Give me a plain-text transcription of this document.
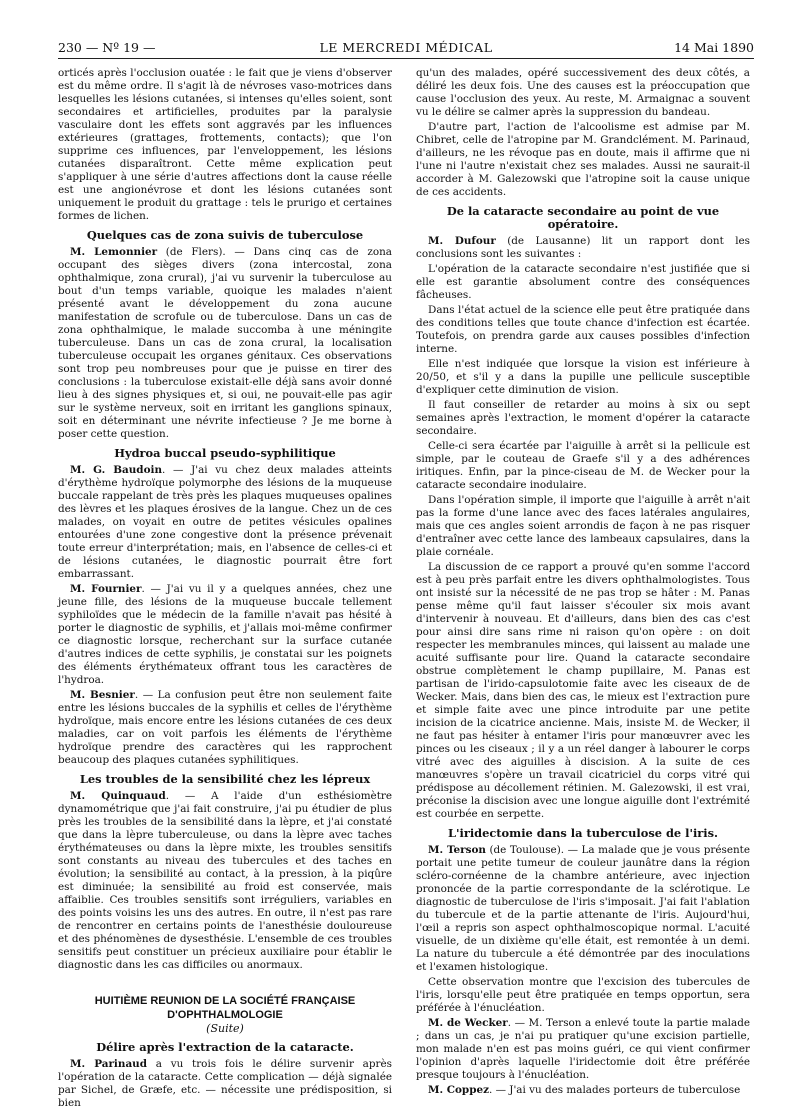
230 — Nº 19 —	LE MERCREDI MÉDICAL	14 Mai 1890

orticés après l'occlusion ouatée : le fait que je viens d'observer est du même ordre. Il s'agit là de névroses vaso-motrices dans lesquelles les lésions cutanées, si intenses qu'elles soient, sont secondaires et artificielles, produites par la paralysie vasculaire dont les effets sont aggravés par les influences extérieures (grattages, frottements, contacts); que l'on supprime ces influences, par l'enveloppement, les lésions cutanées disparaîtront. Cette même explication peut s'appliquer à une série d'autres affections dont la cause réelle est une angionévrose et dont les lésions cutanées sont uniquement le produit du grattage : tels le prurigo et certaines formes de lichen.

Quelques cas de zona suivis de tuberculose

M. Lemonnier (de Flers). — Dans cinq cas de zona occupant des sièges divers (zona intercostal, zona ophthalmique, zona crural), j'ai vu survenir la tuberculose au bout d'un temps variable, quoique les malades n'aient présenté avant le développement du zona aucune manifestation de scrofule ou de tuberculose. Dans un cas de zona ophthalmique, le malade succomba à une méningite tuberculeuse. Dans un cas de zona crural, la localisation tuberculeuse occupait les organes génitaux. Ces observations sont trop peu nombreuses pour que je puisse en tirer des conclusions : la tuberculose existait-elle déjà sans avoir donné lieu à des signes physiques et, si oui, ne pouvait-elle pas agir sur le système nerveux, soit en irritant les ganglions spinaux, soit en déterminant une névrite infectieuse ? Je me borne à poser cette question.

Hydroa buccal pseudo-syphilitique

M. G. Baudoin. — J'ai vu chez deux malades atteints d'érythème hydroïque polymorphe des lésions de la muqueuse buccale rappelant de très près les plaques muqueuses opalines des lèvres et les plaques érosives de la langue. Chez un de ces malades, on voyait en outre de petites vésicules opalines entourées d'une zone congestive dont la présence prévenait toute erreur d'interprétation; mais, en l'absence de celles-ci et de lésions cutanées, le diagnostic pourrait être fort embarrassant.

M. Fournier. — J'ai vu il y a quelques années, chez une jeune fille, des lésions de la muqueuse buccale tellement syphiloïdes que le médecin de la famille n'avait pas hésité à porter le diagnostic de syphilis, et j'allais moi-même confirmer ce diagnostic lorsque, recherchant sur la surface cutanée d'autres indices de cette syphilis, je constatai sur les poignets des éléments érythémateux offrant tous les caractères de l'hydroa.

M. Besnier. — La confusion peut être non seulement faite entre les lésions buccales de la syphilis et celles de l'érythème hydroïque, mais encore entre les lésions cutanées de ces deux maladies, car on voit parfois les éléments de l'érythème hydroïque prendre des caractères qui les rapprochent beaucoup des plaques cutanées syphilitiques.

Les troubles de la sensibilité chez les lépreux

M. Quinquaud. — A l'aide d'un esthésiomètre dynamométrique que j'ai fait construire, j'ai pu étudier de plus près les troubles de la sensibilité dans la lèpre, et j'ai constaté que dans la lèpre tuberculeuse, ou dans la lèpre avec taches érythémateuses ou dans la lèpre mixte, les troubles sensitifs sont constants au niveau des tubercules et des taches en évolution; la sensibilité au contact, à la pression, à la piqûre est diminuée; la sensibilité au froid est conservée, mais affaiblie. Ces troubles sensitifs sont irréguliers, variables en des points voisins les uns des autres. En outre, il n'est pas rare de rencontrer en certains points de l'anesthésie douloureuse et des phénomènes de dysesthésie. L'ensemble de ces troubles sensitifs peut constituer un précieux auxiliaire pour établir le diagnostic dans les cas difficiles ou anormaux.

HUITIÈME REUNION DE LA SOCIÉTÉ FRANÇAISE D'OPHTHALMOLOGIE
(Suite)
Délire après l'extraction de la cataracte.

M. Parinaud a vu trois fois le délire survenir après l'opération de la cataracte. Cette complication — déjà signalée par Sichel, de Græfe, etc. — nécessite une prédisposition, si bien

qu'un des malades, opéré successivement des deux côtés, a déliré les deux fois. Une des causes est la préoccupation que cause l'occlusion des yeux. Au reste, M. Armaignac a souvent vu le délire se calmer après la suppression du bandeau.

D'autre part, l'action de l'alcoolisme est admise par M. Chibret, celle de l'atropine par M. Grandclément. M. Parinaud, d'ailleurs, ne les révoque pas en doute, mais il affirme que ni l'une ni l'autre n'existait chez ses malades. Aussi ne saurait-il accorder à M. Galezowski que l'atropine soit la cause unique de ces accidents.

De la cataracte secondaire au point de vue opératoire.

M. Dufour (de Lausanne) lit un rapport dont les conclusions sont les suivantes :

L'opération de la cataracte secondaire n'est justifiée que si elle est garantie absolument contre des conséquences fâcheuses.

Dans l'état actuel de la science elle peut être pratiquée dans des conditions telles que toute chance d'infection est écartée. Toutefois, on prendra garde aux causes possibles d'infection interne.

Elle n'est indiquée que lorsque la vision est inférieure à 20/50, et s'il y a dans la pupille une pellicule susceptible d'expliquer cette diminution de vision.

Il faut conseiller de retarder au moins à six ou sept semaines après l'extraction, le moment d'opérer la cataracte secondaire.

Celle-ci sera écartée par l'aiguille à arrêt si la pellicule est simple, par le couteau de Graefe s'il y a des adhérences iritiques. Enfin, par la pince-ciseau de M. de Wecker pour la cataracte secondaire inodulaire.

Dans l'opération simple, il importe que l'aiguille à arrêt n'ait pas la forme d'une lance avec des faces latérales angulaires, mais que ces angles soient arrondis de façon à ne pas risquer d'entraîner avec cette lance des lambeaux capsulaires, dans la plaie cornéale.

La discussion de ce rapport a prouvé qu'en somme l'accord est à peu près parfait entre les divers ophthalmologistes. Tous ont insisté sur la nécessité de ne pas trop se hâter : M. Panas pense même qu'il faut laisser s'écouler six mois avant d'intervenir à nouveau. Et d'ailleurs, dans bien des cas c'est pour ainsi dire sans rime ni raison qu'on opère : on doit respecter les membranules minces, qui laissent au malade une acuité suffisante pour lire. Quand la cataracte secondaire obstrue complètement le champ pupillaire, M. Panas est partisan de l'irido-capsulotomie faite avec les ciseaux de de Wecker. Mais, dans bien des cas, le mieux est l'extraction pure et simple faite avec une pince introduite par une petite incision de la cicatrice ancienne. Mais, insiste M. de Wecker, il ne faut pas hésiter à entamer l'iris pour manœuvrer avec les pinces ou les ciseaux ; il y a un réel danger à labourer le corps vitré avec des aiguilles à discision. A la suite de ces manœuvres s'opère un travail cicatriciel du corps vitré qui prédispose au décollement rétinien. M. Galezowski, il est vrai, préconise la discision avec une longue aiguille dont l'extrémité est courbée en serpette.

L'iridectomie dans la tuberculose de l'iris.

M. Terson (de Toulouse). — La malade que je vous présente portait une petite tumeur de couleur jaunâtre dans la région scléro-cornéenne de la chambre antérieure, avec injection prononcée de la partie correspondante de la sclérotique. Le diagnostic de tuberculose de l'iris s'imposait. J'ai fait l'ablation du tubercule et de la partie attenante de l'iris. Aujourd'hui, l'œil a repris son aspect ophthalmoscopique normal. L'acuité visuelle, de un dixième qu'elle était, est remontée à un demi. La nature du tubercule a été démontrée par des inoculations et l'examen histologique.

Cette observation montre que l'excision des tubercules de l'iris, lorsqu'elle peut être pratiquée en temps opportun, sera préférée à l'énucléation.

M. de Wecker. — M. Terson a enlevé toute la partie malade ; dans un cas, je n'ai pu pratiquer qu'une excision partielle, mon malade n'en est pas moins guéri, ce qui vient confirmer l'opinion d'après laquelle l'iridectomie doit être préférée presque toujours à l'énucléation.

M. Coppez. — J'ai vu des malades porteurs de tuberculose
